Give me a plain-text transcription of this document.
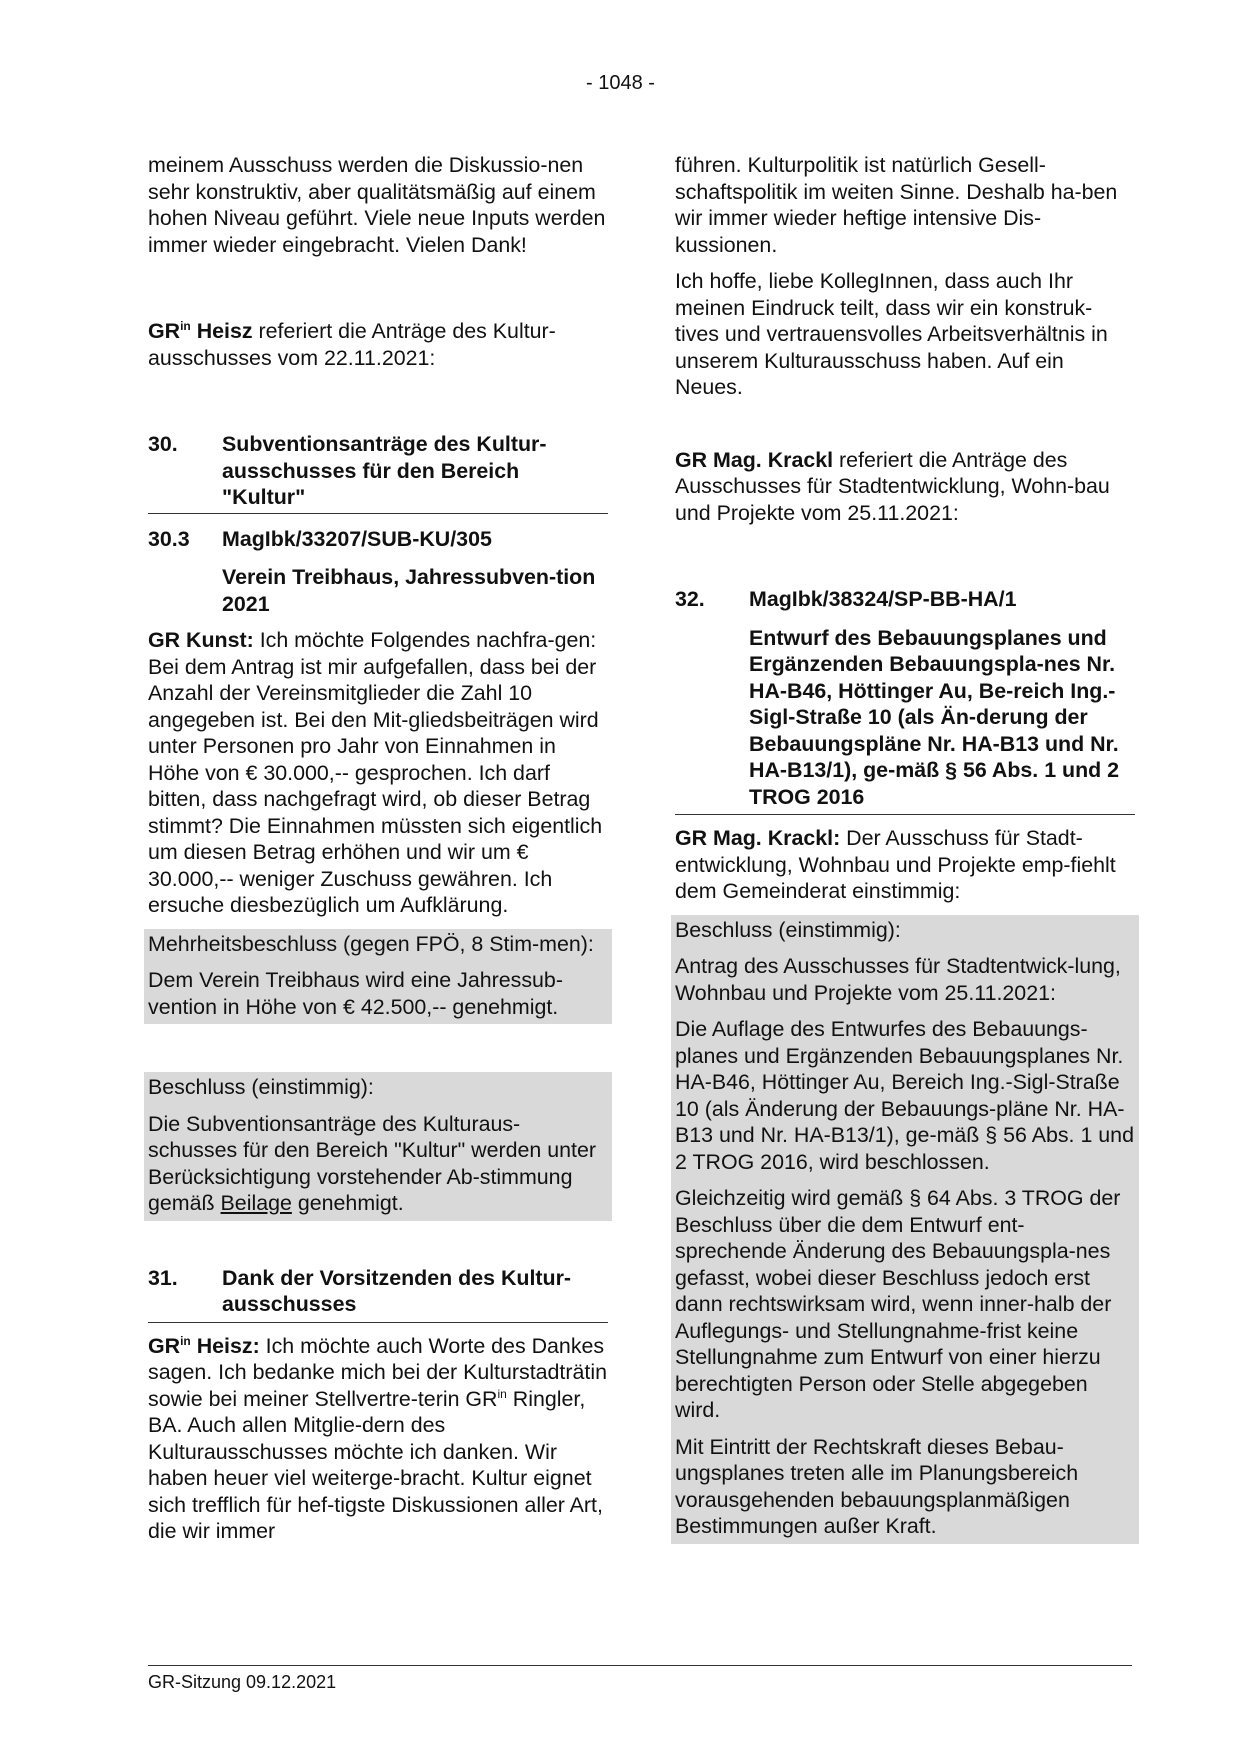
- 1048 -

meinem Ausschuss werden die Diskussio-nen sehr konstruktiv, aber qualitätsmäßig auf einem hohen Niveau geführt. Viele neue Inputs werden immer wieder eingebracht. Vielen Dank!

$GR^{in}$ Heisz referiert die Anträge des Kultur-ausschusses vom 22.11.2021:

30.	Subventionsanträge des Kultur-ausschusses für den Bereich "Kultur"
30.3	MagIbk/33207/SUB-KU/305

Verein Treibhaus, Jahressubven-tion 2021

GR Kunst: Ich möchte Folgendes nachfra-gen: Bei dem Antrag ist mir aufgefallen, dass bei der Anzahl der Vereinsmitglieder die Zahl 10 angegeben ist. Bei den Mit-gliedsbeiträgen wird unter Personen pro Jahr von Einnahmen in Höhe von € 30.000,-- gesprochen. Ich darf bitten, dass nachgefragt wird, ob dieser Betrag stimmt? Die Einnahmen müssten sich eigentlich um diesen Betrag erhöhen und wir um € 30.000,-- weniger Zuschuss gewähren. Ich ersuche diesbezüglich um Aufklärung.

Mehrheitsbeschluss (gegen FPÖ, 8 Stim-men):

Dem Verein Treibhaus wird eine Jahressub-vention in Höhe von € 42.500,-- genehmigt.

Beschluss (einstimmig):

Die Subventionsanträge des Kulturaus-schusses für den Bereich "Kultur" werden unter Berücksichtigung vorstehender Ab-stimmung gemäß Beilage genehmigt.

31.	Dank der Vorsitzenden des Kultur-ausschusses

$GR^{in}$ Heisz: Ich möchte auch Worte des Dankes sagen. Ich bedanke mich bei der Kulturstadträtin sowie bei meiner Stellvertre-terin $GR^{in}$ Ringler, BA. Auch allen Mitglie-dern des Kulturausschusses möchte ich danken. Wir haben heuer viel weiterge-bracht. Kultur eignet sich trefflich für hef-tigste Diskussionen aller Art, die wir immer

führen. Kulturpolitik ist natürlich Gesell-schaftspolitik im weiten Sinne. Deshalb ha-ben wir immer wieder heftige intensive Dis-kussionen.

Ich hoffe, liebe KollegInnen, dass auch Ihr meinen Eindruck teilt, dass wir ein konstruk-tives und vertrauensvolles Arbeitsverhältnis in unserem Kulturausschuss haben. Auf ein Neues.

GR Mag. Krackl referiert die Anträge des Ausschusses für Stadtentwicklung, Wohn-bau und Projekte vom 25.11.2021:

32.	MagIbk/38324/SP-BB-HA/1
Entwurf des Bebauungsplanes und Ergänzenden Bebauungspla-nes Nr. HA-B46, Höttinger Au, Be-reich Ing.-Sigl-Straße 10 (als Än-derung der Bebauungspläne Nr. HA-B13 und Nr. HA-B13/1), ge-mäß § 56 Abs. 1 und 2 TROG 2016

GR Mag. Krackl: Der Ausschuss für Stadt-entwicklung, Wohnbau und Projekte emp-fiehlt dem Gemeinderat einstimmig:

Beschluss (einstimmig):

Antrag des Ausschusses für Stadtentwick-lung, Wohnbau und Projekte vom 25.11.2021:

Die Auflage des Entwurfes des Bebauungs-planes und Ergänzenden Bebauungsplanes Nr. HA-B46, Höttinger Au, Bereich Ing.-Sigl-Straße 10 (als Änderung der Bebauungs-pläne Nr. HA-B13 und Nr. HA-B13/1), ge-mäß § 56 Abs. 1 und 2 TROG 2016, wird beschlossen.

Gleichzeitig wird gemäß § 64 Abs. 3 TROG der Beschluss über die dem Entwurf ent-sprechende Änderung des Bebauungspla-nes gefasst, wobei dieser Beschluss jedoch erst dann rechtswirksam wird, wenn inner-halb der Auflegungs- und Stellungnahme-frist keine Stellungnahme zum Entwurf von einer hierzu berechtigten Person oder Stelle abgegeben wird.

Mit Eintritt der Rechtskraft dieses Bebau-ungsplanes treten alle im Planungsbereich vorausgehenden bebauungsplanmäßigen Bestimmungen außer Kraft.

GR-Sitzung 09.12.2021
